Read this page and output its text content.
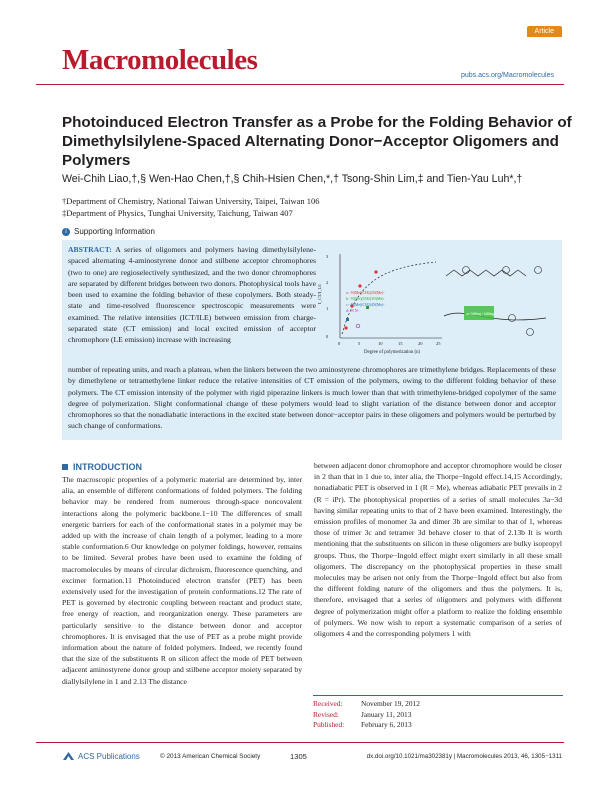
Macromolecules
Article
pubs.acs.org/Macromolecules
Photoinduced Electron Transfer as a Probe for the Folding Behavior of Dimethylsilylene-Spaced Alternating Donor−Acceptor Oligomers and Polymers
Wei-Chih Liao,†,§ Wen-Hao Chen,†,§ Chih-Hsien Chen,*,† Tsong-Shin Lim,‡ and Tien-Yau Luh*,†
†Department of Chemistry, National Taiwan University, Taipei, Taiwan 106
‡Department of Physics, Tunghai University, Taichung, Taiwan 407
i Supporting Information

ABSTRACT: A series of oligomers and polymers having dimethylsilylene-spaced alternating 4-aminostyrene donor and stilbene acceptor chromophores (two to one) are regioselectively synthesized, and the two donor chromophores are separated by different bridges between two donors. Photophysical tools have been used to examine the folding behavior of these copolymers. Both steady-state and time-resolved fluorescence spectroscopic measurements were examined. The relative intensities (ICT/ILE) between emission from charge-separated state (CT emission) and local excited emission of acceptor chromophore (LE emission) increase with increasing

3
2
1
0
0	5	10	15	20	25
Degree of polymerization (n)
I_CT/I_LE	a: -N(Me)(CH2)2N(Me)-
b: -N(Me)(CH2)3N(Me)-
c: -N(Me)(CH2)4N(Me)-
d: -N N-
no folding / folding

number of repeating units, and reach a plateau, when the linkers between the two aminostyrene chromophores are trimethylene bridges. Replacements of these by dimethylene or tetramethylene linker reduce the relative intensities of CT emission of the polymers, owing to the different folding behavior of these polymers. The CT emission intensity of the polymer with rigid piperazine linkers is much lower than that with trimethylene-bridged copolymer of the same degree of polymerization. Slight conformational change of these polymers would lead to slight variation of the distance between donor and acceptor chromophores so that the nonadiabatic interactions in the excited state between donor−acceptor pairs in these oligomers and polymers would be perturbed by such change of conformations.

INTRODUCTION

The macroscopic properties of a polymeric material are determined by, inter alia, an ensemble of different conformations of folded polymers. The folding behavior may be rendered from numerous through-space noncovalent interactions along the polymeric backbone.1−10 The differences of small energetic barriers for each of the conformational states in a polymer may be added up with the increase of chain length of a polymer, leading to a more stable conformation.6 Our knowledge on polymer foldings, however, remains to be limited. Several probes have been used to examine the folding of macromolecules by means of circular dichroism, fluorescence quenching, and excimer formation.11 Photoinduced electron transfer (PET) has been extensively used for the investigation of protein conformations.12 The rate of PET is governed by electronic coupling between reactant and product state, free energy of reaction, and reorganization energy. These parameters are particularly sensitive to the distance between donor and acceptor chromophores. It is envisaged that the use of PET as a probe might provide information about the nature of folded polymers. Indeed, we recently found that the size of the substituents R on silicon affect the mode of PET between adjacent aminostyrene donor group and stilbene acceptor moiety separated by diallylsilylene in 1 and 2.13 The distance

between adjacent donor chromophore and acceptor chromophore would be closer in 2 than that in 1 due to, inter alia, the Thorpe−Ingold effect.14,15 Accordingly, nonadiabatic PET is observed in 1 (R = Me), whereas adiabatic PET prevails in 2 (R = iPr). The photophysical properties of a series of small molecules 3a−3d having similar repeating units to that of 2 have been examined. Interestingly, the emission profiles of monomer 3a and dimer 3b are similar to that of 1, whereas those of trimer 3c and tetramer 3d behave closer to that of 2.13b It is worth mentioning that the substituents on silicon in these oligomers are bulky isopropyl groups. Thus, the Thorpe−Ingold effect might exert similarly in all these small oligomers. The discrepancy on the photophysical properties in these small molecules may be arisen not only from the Thorpe−Ingold effect but also from the different folding nature of the oligomers and thus the polymers. It is, therefore, envisaged that a series of oligomers and polymers with different degree of polymerization might offer a platform to realize the folding ensemble of polymers. We now wish to report a systematic comparison of a series of oligomers 4 and the corresponding polymers 1 with

Received: November 19, 2012
Revised:	January 11, 2013
Published: February 6, 2013
ACS Publications	© 2013 American Chemical Society	1305	dx.doi.org/10.1021/ma302381y | Macromolecules 2013, 46, 1305−1311
